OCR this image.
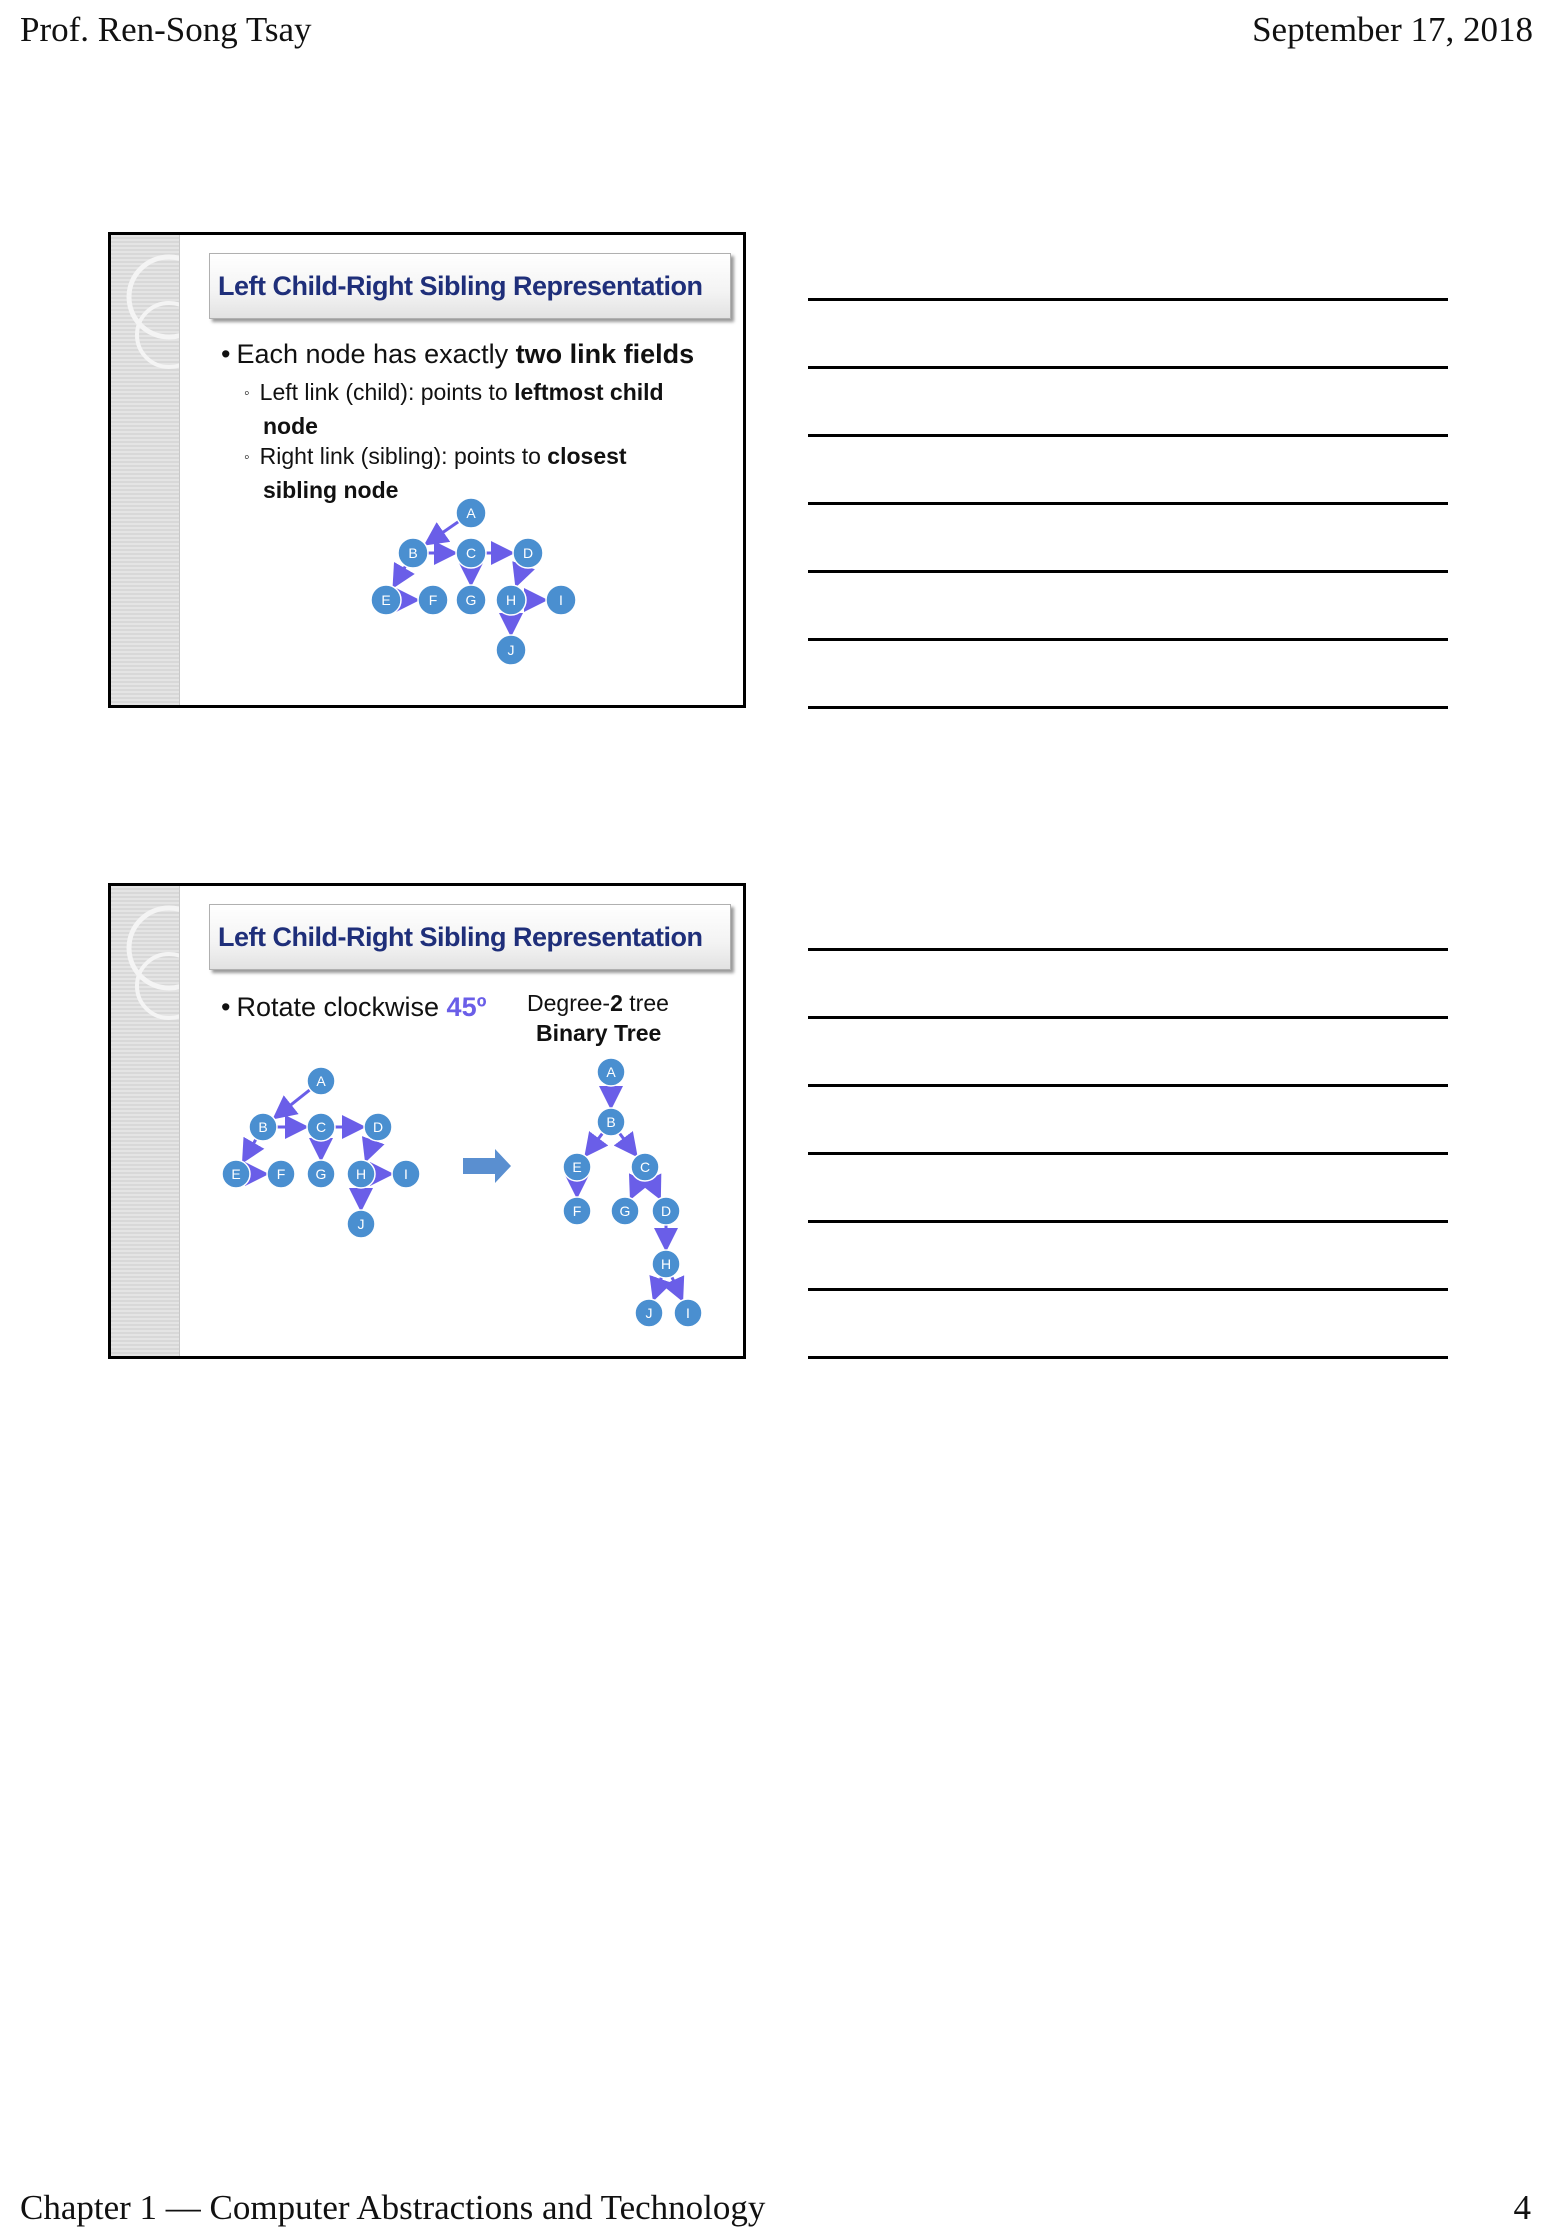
Prof. Ren-Song Tsay	September 17, 2018
Chapter 1 — Computer Abstractions and Technology	4
Left Child-Right Sibling Representation
• Each node has exactly two link fields
◦ Left link (child): points to leftmost child
node
◦ Right link (sibling): points to closest
sibling node
A
B	C	D
E	F G H	I
J
Left Child-Right Sibling Representation
• Rotate clockwise 45º Degree-2 tree
Binary Tree
A
B	C	D
E	F G H	I
J
A
B
E	C
F	G D
H
J I
